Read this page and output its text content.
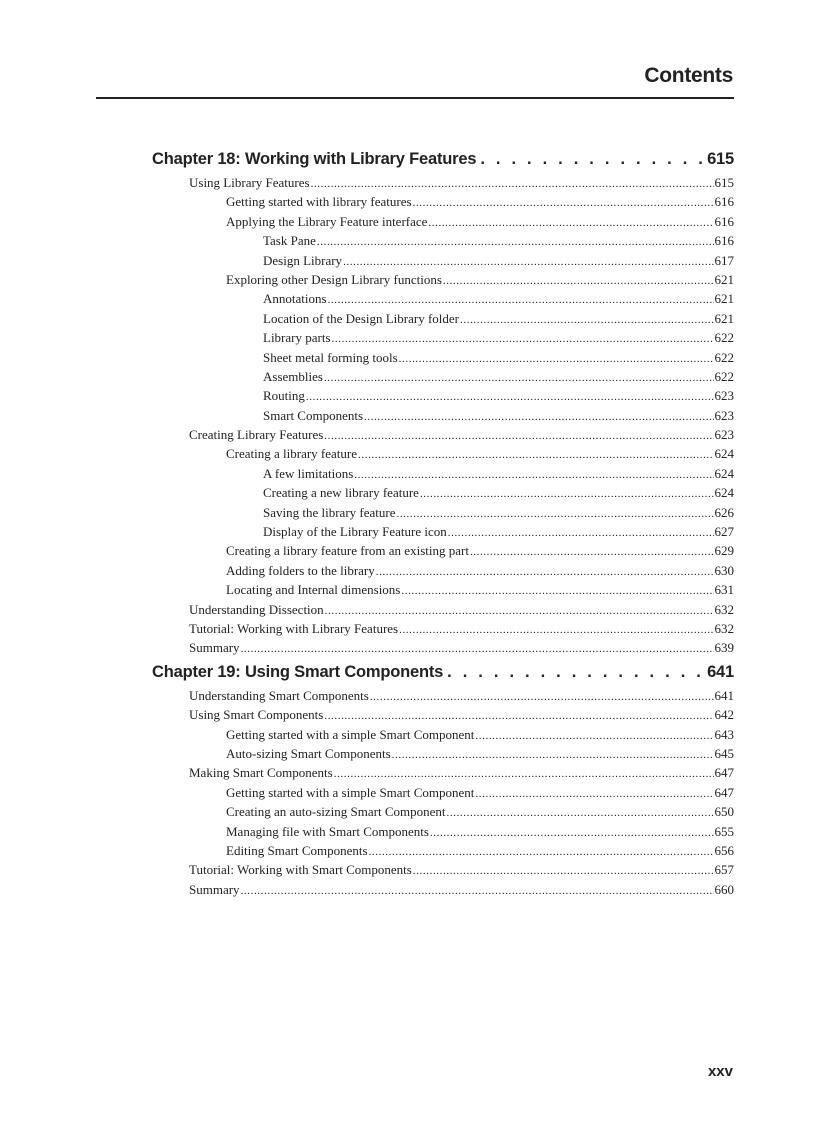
Contents
Chapter 18: Working with Library Features . . .	615
Using Library Features .....	615
Getting started with library features .....	616
Applying the Library Feature interface .....	616
Task Pane .....	616
Design Library .....	617
Exploring other Design Library functions .....	621
Annotations .....	621
Location of the Design Library folder .....	621
Library parts .....	622
Sheet metal forming tools .....	622
Assemblies .....	622
Routing .....	623
Smart Components .....	623
Creating Library Features .....	623
Creating a library feature .....	624
A few limitations .....	624
Creating a new library feature .....	624
Saving the library feature .....	626
Display of the Library Feature icon .....	627
Creating a library feature from an existing part .....	629
Adding folders to the library .....	630
Locating and Internal dimensions .....	631
Understanding Dissection .....	632
Tutorial: Working with Library Features .....	632
Summary .....	639
Chapter 19: Using Smart Components . . .	641
Understanding Smart Components .....	641
Using Smart Components .....	642
Getting started with a simple Smart Component .....	643
Auto-sizing Smart Components .....	645
Making Smart Components .....	647
Getting started with a simple Smart Component .....	647
Creating an auto-sizing Smart Component .....	650
Managing file with Smart Components .....	655
Editing Smart Components .....	656
Tutorial: Working with Smart Components .....	657
Summary .....	660
xxv
